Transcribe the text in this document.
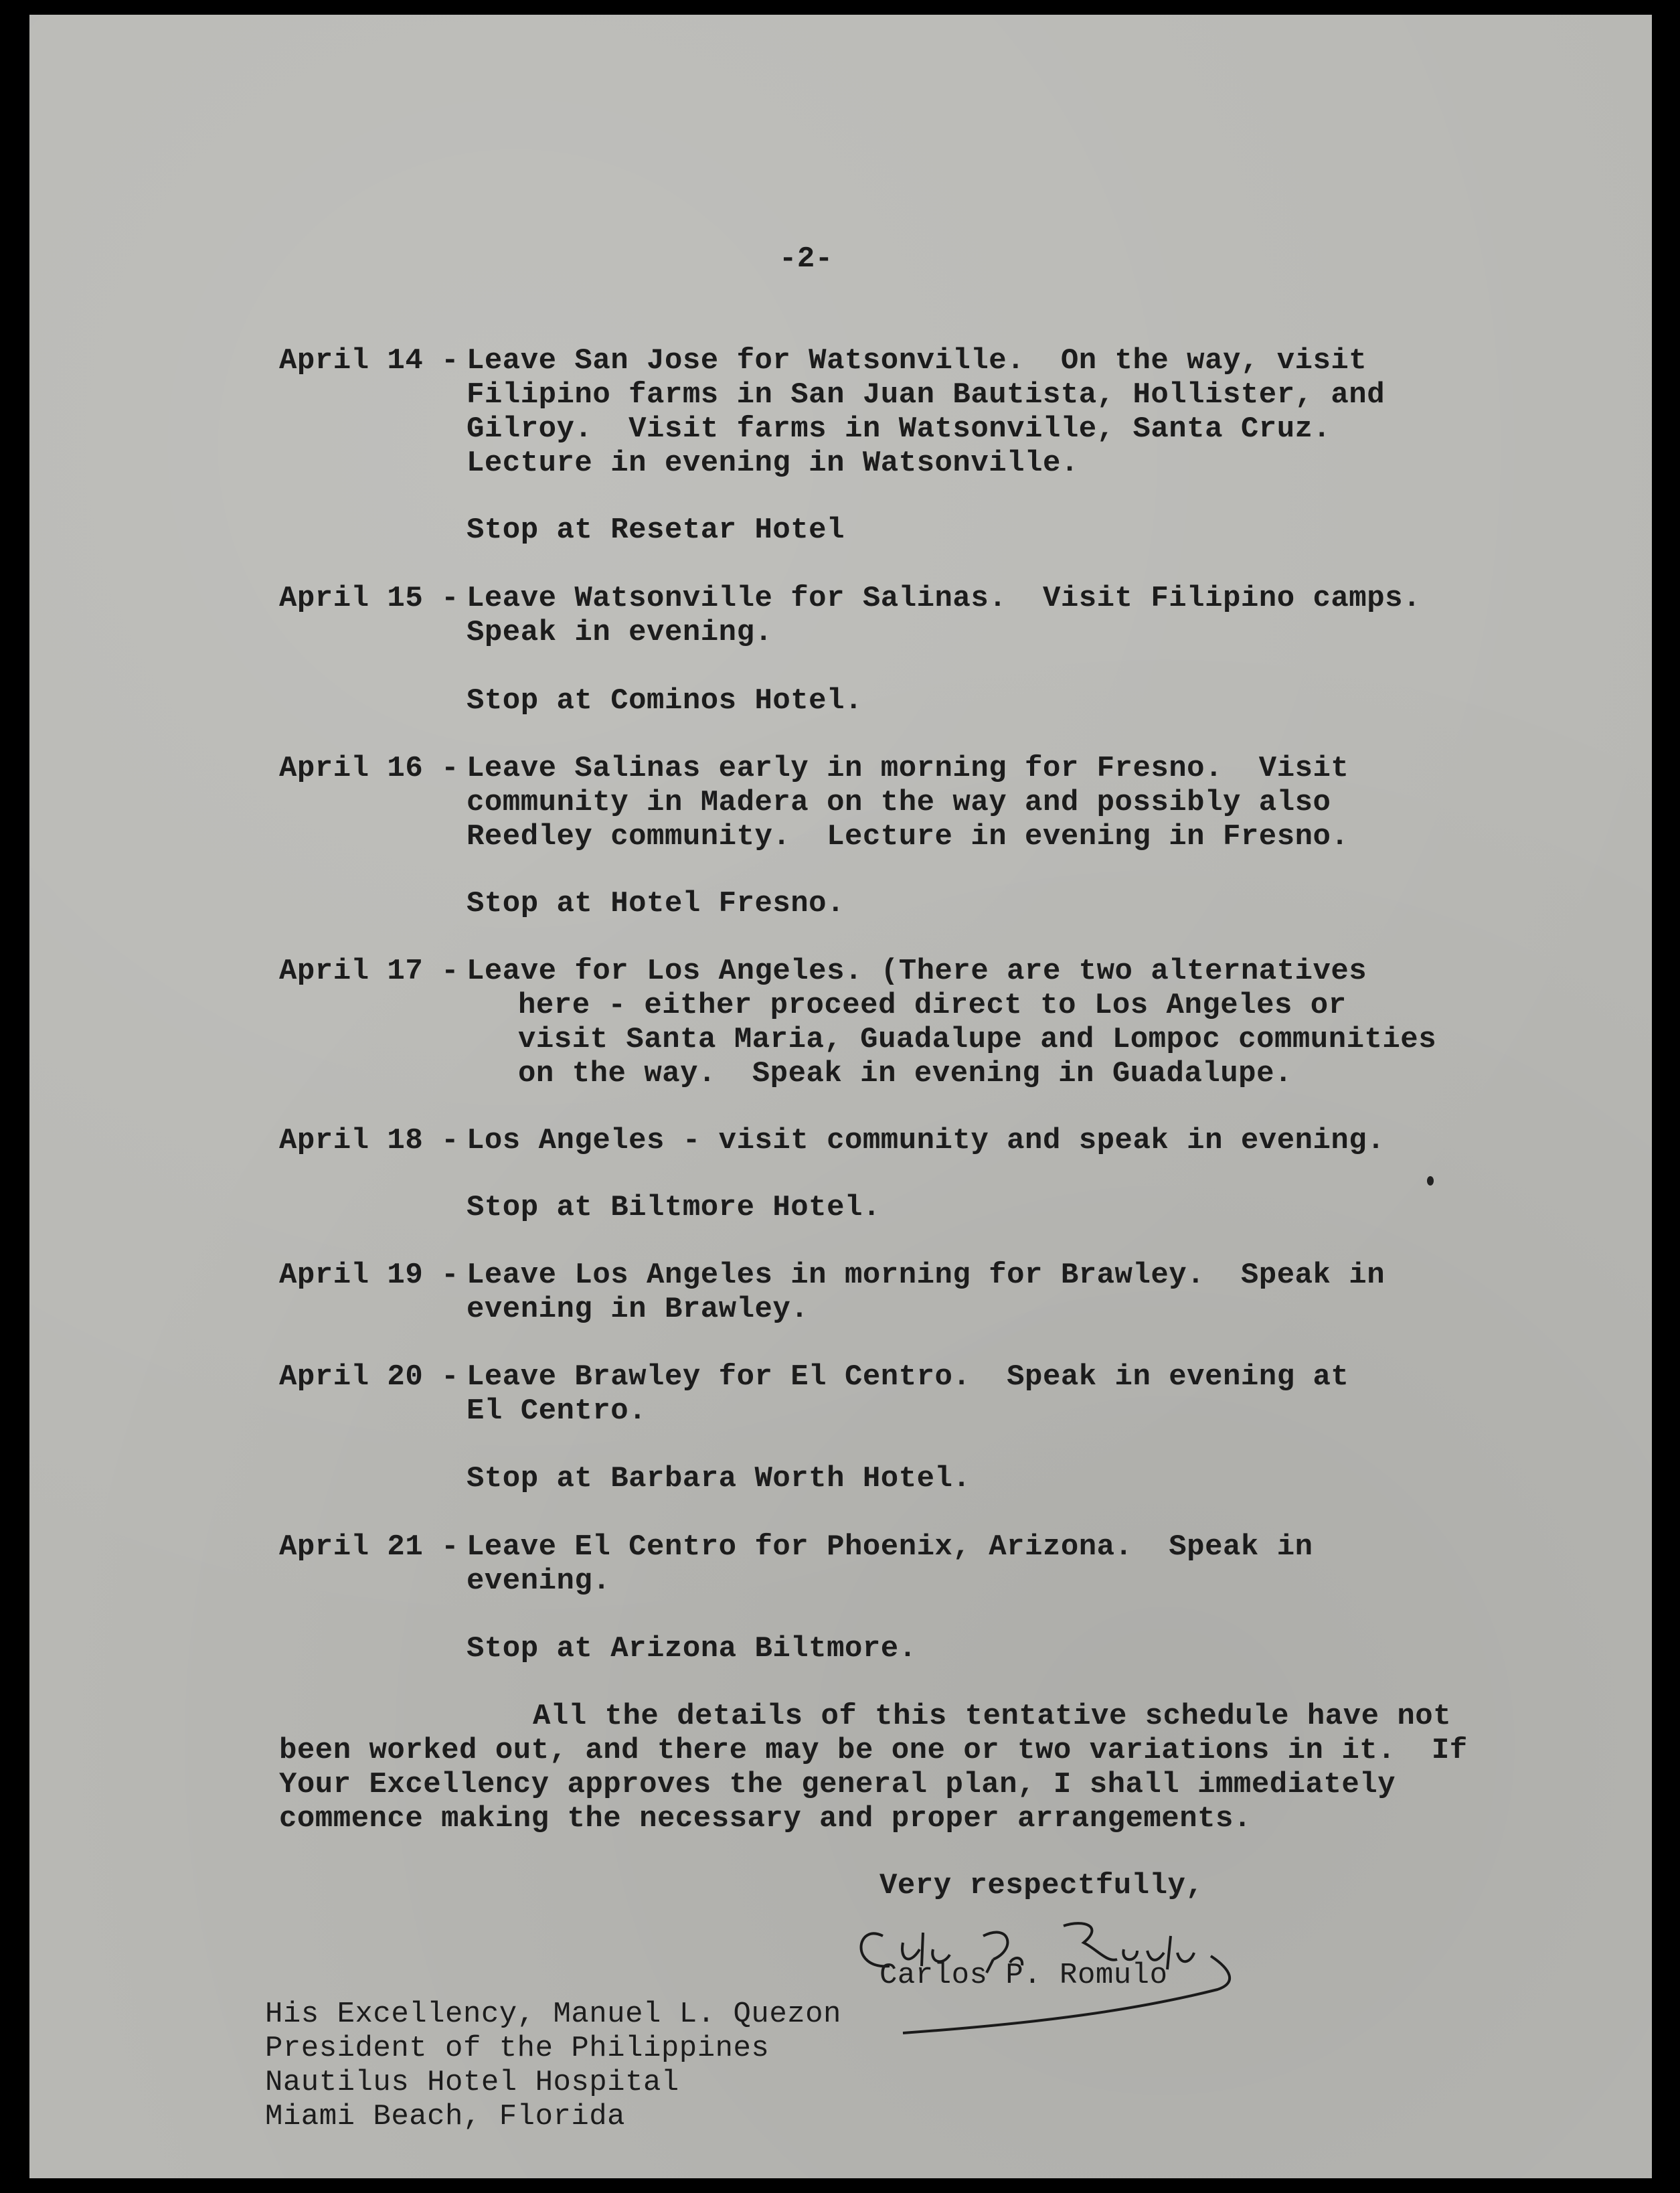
-2-
April 14 - Leave San Jose for Watsonville.  On the way, visit
Filipino farms in San Juan Bautista, Hollister, and
Gilroy.  Visit farms in Watsonville, Santa Cruz.
Lecture in evening in Watsonville.
Stop at Resetar Hotel
April 15 - Leave Watsonville for Salinas.  Visit Filipino camps.
Speak in evening.
Stop at Cominos Hotel.
April 16 - Leave Salinas early in morning for Fresno.  Visit
community in Madera on the way and possibly also
Reedley community.  Lecture in evening in Fresno.
Stop at Hotel Fresno.
April 17 - Leave for Los Angeles. (There are two alternatives
here - either proceed direct to Los Angeles or
visit Santa Maria, Guadalupe and Lompoc communities
on the way.  Speak in evening in Guadalupe.
April 18 - Los Angeles - visit community and speak in evening.
Stop at Biltmore Hotel.
April 19 - Leave Los Angeles in morning for Brawley.  Speak in
evening in Brawley.
April 20 - Leave Brawley for El Centro.  Speak in evening at
El Centro.
Stop at Barbara Worth Hotel.
April 21 - Leave El Centro for Phoenix, Arizona.  Speak in
evening.
Stop at Arizona Biltmore.
All the details of this tentative schedule have not
been worked out, and there may be one or two variations in it.  If
Your Excellency approves the general plan, I shall immediately
commence making the necessary and proper arrangements.
Very respectfully,
Carlos P. Romulo
His Excellency, Manuel L. Quezon
President of the Philippines
Nautilus Hotel Hospital
Miami Beach, Florida
